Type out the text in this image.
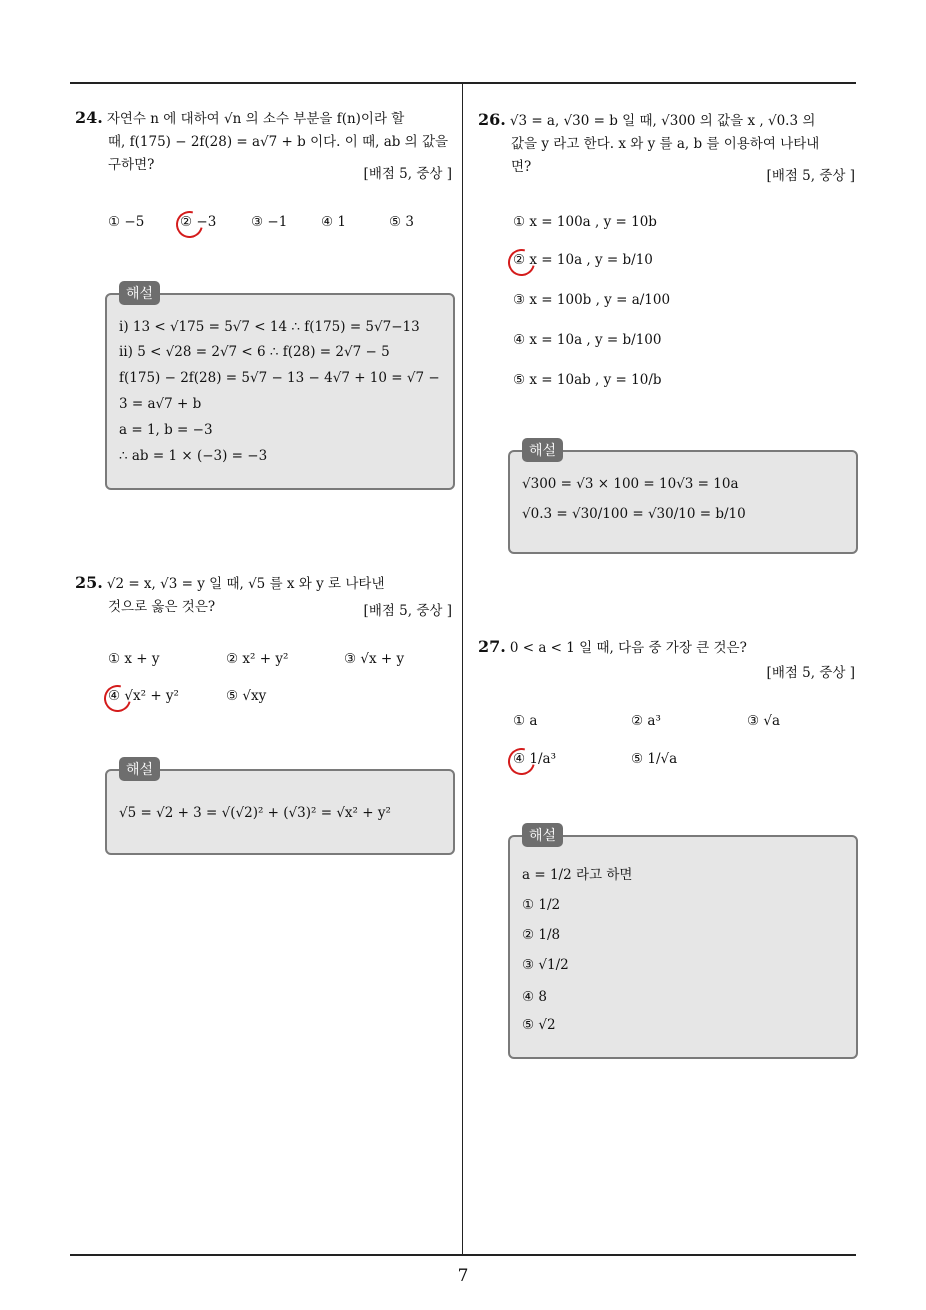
24. 자연수 n 에 대하여 √n 의 소수 부분을 f(n)이라 할
때, f(175) − 2f(28) = a√7 + b 이다. 이 때, ab 의 값을
구하면?
[배점 5, 중상 ]
① −5	② −3	③ −1 ④ 1	⑤ 3
해설
ⅰ) 13 < √175 = 5√7 < 14 ∴ f(175) = 5√7−13
ⅱ) 5 < √28 = 2√7 < 6 ∴ f(28) = 2√7 − 5
f(175) − 2f(28) = 5√7 − 13 − 4√7 + 10 = √7 −
3 = a√7 + b
a = 1, b = −3
∴ ab = 1 × (−3) = −3
25. √2 = x, √3 = y 일 때, √5 를 x 와 y 로 나타낸
것으로 옳은 것은?	[배점 5, 중상 ]
① x + y	② x² + y²	③ √x + y
④ √x² + y²	⑤ √xy
해설
√5 = √2 + 3 = √(√2)² + (√3)² = √x² + y²
26. √3 = a, √30 = b 일 때, √300 의 값을 x , √0.3 의
값을 y 라고 한다. x 와 y 를 a, b 를 이용하여 나타내
면?
[배점 5, 중상 ]
① x = 100a , y = 10b
② x = 10a , y = b/10
③ x = 100b , y = a/100
④ x = 10a , y = b/100
⑤ x = 10ab , y = 10/b
해설
√300 = √3 × 100 = 10√3 = 10a
√0.3 = √30/100 = √30/10 = b/10
27. 0 < a < 1 일 때, 다음 중 가장 큰 것은?
[배점 5, 중상 ]
① a	② a³	③ √a
④ 1/a³	⑤ 1/√a
해설
a = 1/2 라고 하면
① 1/2
② 1/8
③ √1/2
④ 8
⑤ √2
7
